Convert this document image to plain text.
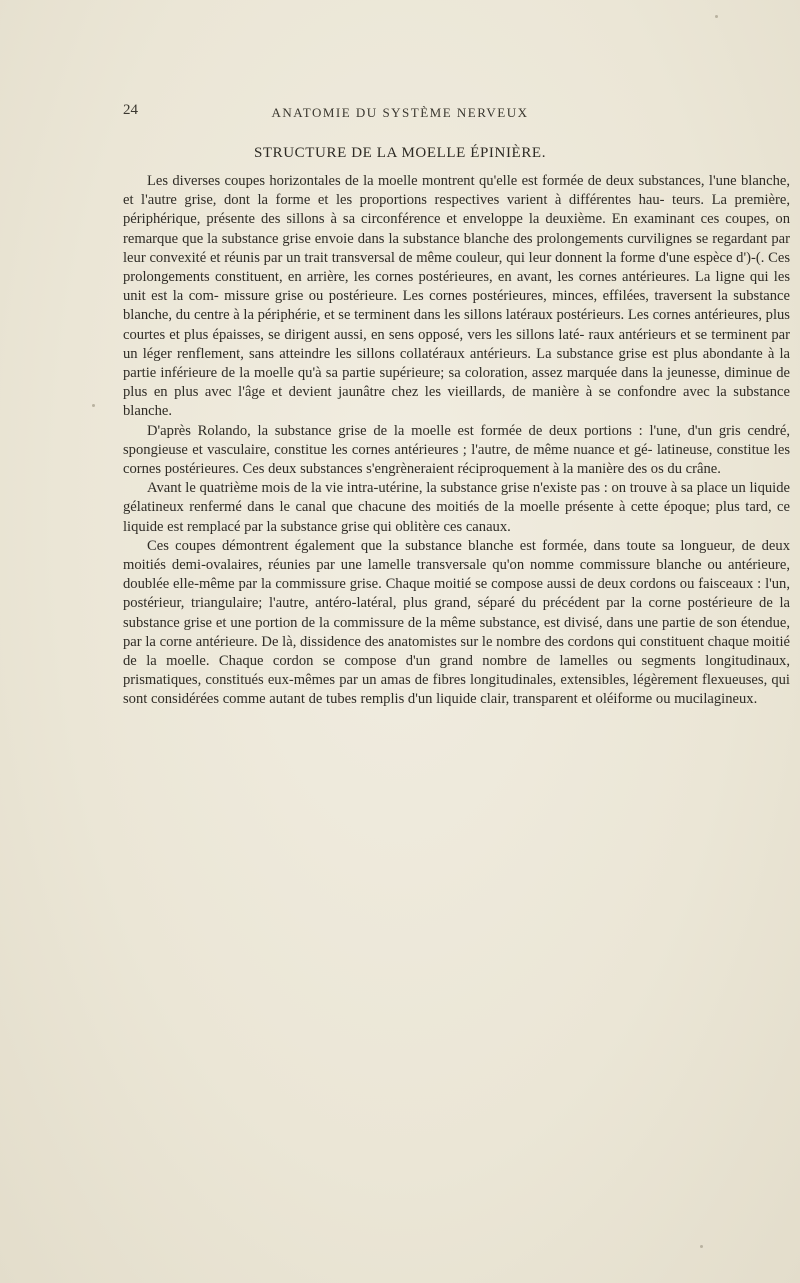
24	ANATOMIE DU SYSTÈME NERVEUX
STRUCTURE DE LA MOELLE ÉPINIÈRE.

Les diverses coupes horizontales de la moelle montrent qu'elle est formée de deux substances, l'une blanche, et l'autre grise, dont la forme et les proportions respectives varient à différentes hau- teurs. La première, périphérique, présente des sillons à sa circonférence et enveloppe la deuxième. En examinant ces coupes, on remarque que la substance grise envoie dans la substance blanche des prolongements curvilignes se regardant par leur convexité et réunis par un trait transversal de même couleur, qui leur donnent la forme d'une espèce d')-(. Ces prolongements constituent, en arrière, les cornes postérieures, en avant, les cornes antérieures. La ligne qui les unit est la com- missure grise ou postérieure. Les cornes postérieures, minces, effilées, traversent la substance blanche, du centre à la périphérie, et se terminent dans les sillons latéraux postérieurs. Les cornes antérieures, plus courtes et plus épaisses, se dirigent aussi, en sens opposé, vers les sillons laté- raux antérieurs et se terminent par un léger renflement, sans atteindre les sillons collatéraux antérieurs. La substance grise est plus abondante à la partie inférieure de la moelle qu'à sa partie supérieure; sa coloration, assez marquée dans la jeunesse, diminue de plus en plus avec l'âge et devient jaunâtre chez les vieillards, de manière à se confondre avec la substance blanche.

D'après Rolando, la substance grise de la moelle est formée de deux portions : l'une, d'un gris cendré, spongieuse et vasculaire, constitue les cornes antérieures ; l'autre, de même nuance et gé- latineuse, constitue les cornes postérieures. Ces deux substances s'engrèneraient réciproquement à la manière des os du crâne.

Avant le quatrième mois de la vie intra-utérine, la substance grise n'existe pas : on trouve à sa place un liquide gélatineux renfermé dans le canal que chacune des moitiés de la moelle présente à cette époque; plus tard, ce liquide est remplacé par la substance grise qui oblitère ces canaux.

Ces coupes démontrent également que la substance blanche est formée, dans toute sa longueur, de deux moitiés demi-ovalaires, réunies par une lamelle transversale qu'on nomme commissure blanche ou antérieure, doublée elle-même par la commissure grise. Chaque moitié se compose aussi de deux cordons ou faisceaux : l'un, postérieur, triangulaire; l'autre, antéro-latéral, plus grand, séparé du précédent par la corne postérieure de la substance grise et une portion de la commissure de la même substance, est divisé, dans une partie de son étendue, par la corne antérieure. De là, dissidence des anatomistes sur le nombre des cordons qui constituent chaque moitié de la moelle. Chaque cordon se compose d'un grand nombre de lamelles ou segments longitudinaux, prismatiques, constitués eux-mêmes par un amas de fibres longitudinales, extensibles, légèrement flexueuses, qui sont considérées comme autant de tubes remplis d'un liquide clair, transparent et oléiforme ou mucilagineux.
